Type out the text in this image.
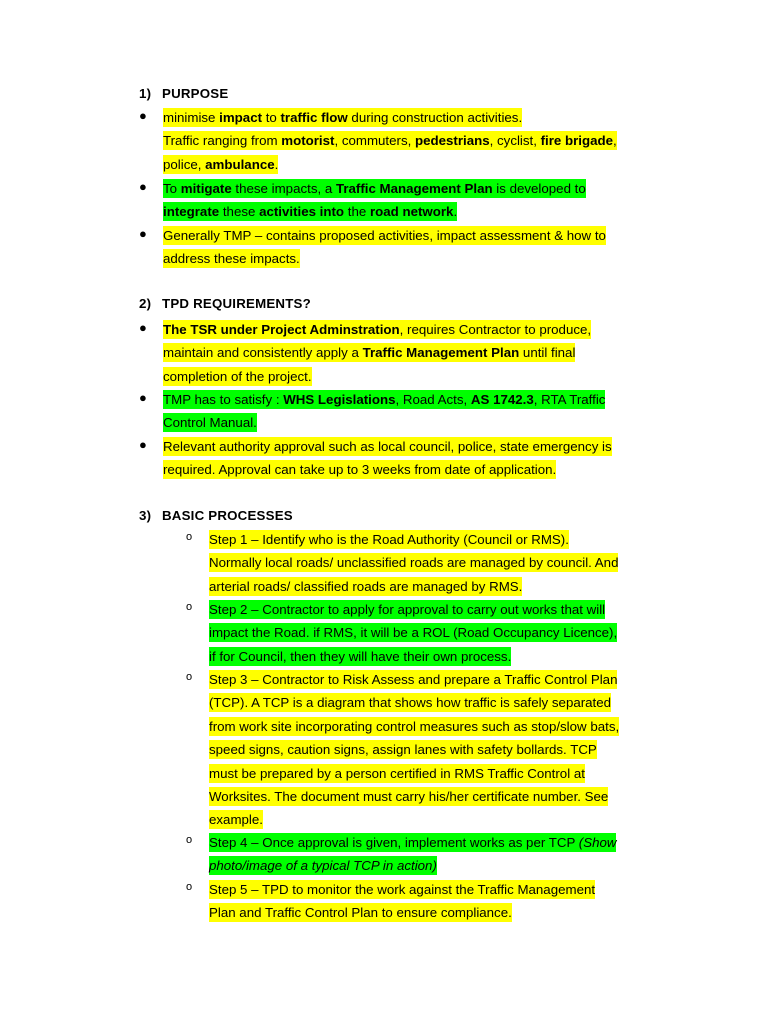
1) PURPOSE
● minimise impact to traffic flow during construction activities.
Traffic ranging from motorist, commuters, pedestrians, cyclist, fire brigade,
police, ambulance.
● To mitigate these impacts, a Traffic Management Plan is developed to
integrate these activities into the road network.
● Generally TMP – contains proposed activities, impact assessment & how to
address these impacts.
2) TPD REQUIREMENTS?
● The TSR under Project Adminstration, requires Contractor to produce,
maintain and consistently apply a Traffic Management Plan until final
completion of the project.
● TMP has to satisfy : WHS Legislations, Road Acts, AS 1742.3, RTA Traffic
Control Manual.
● Relevant authority approval such as local council, police, state emergency is
required. Approval can take up to 3 weeks from date of application.
3) BASIC PROCESSES
o Step 1 – Identify who is the Road Authority (Council or RMS).
Normally local roads/ unclassified roads are managed by council. And
arterial roads/ classified roads are managed by RMS.
o Step 2 – Contractor to apply for approval to carry out works that will
impact the Road. if RMS, it will be a ROL (Road Occupancy Licence),
if for Council, then they will have their own process.
o Step 3 – Contractor to Risk Assess and prepare a Traffic Control Plan
(TCP). A TCP is a diagram that shows how traffic is safely separated
from work site incorporating control measures such as stop/slow bats,
speed signs, caution signs, assign lanes with safety bollards. TCP
must be prepared by a person certified in RMS Traffic Control at
Worksites. The document must carry his/her certificate number. See
example.
o Step 4 – Once approval is given, implement works as per TCP (Show
photo/image of a typical TCP in action)
o Step 5 – TPD to monitor the work against the Traffic Management
Plan and Traffic Control Plan to ensure compliance.
